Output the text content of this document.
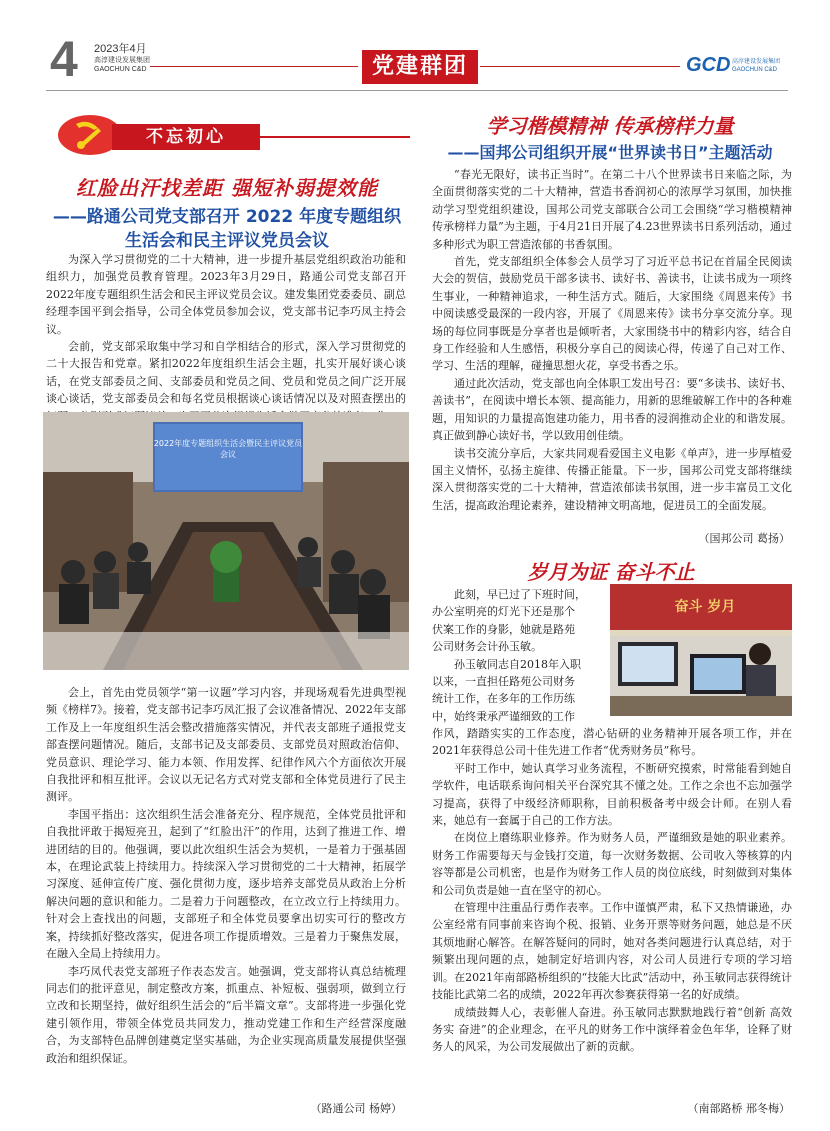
4 2023年4月
高淳建设发展集团
GAOCHUN C&D	党建群团	GCD 高淳建设发展集团
GAOCHUN C&D
不忘初心
红脸出汗找差距 强短补弱提效能
——路通公司党支部召开 2022 年度专题组织
生活会和民主评议党员会议

为深入学习贯彻党的二十大精神，进一步提升基层党组织政治功能和组织力，加强党员教育管理。2023年3月29日，路通公司党支部召开2022年度专题组织生活会和民主评议党员会议。建发集团党委委员、副总经理李国平到会指导，公司全体党员参加会议，党支部书记李巧凤主持会议。

会前，党支部采取集中学习和自学相结合的形式，深入学习贯彻党的二十大报告和党章。紧扣2022年度组织生活会主题，扎实开展好谈心谈话，在党支部委员之间、支部委员和党员之间、党员和党员之间广泛开展谈心谈话，党支部委员会和每名党员根据谈心谈话情况以及对照查摆出的

2022年度专题组织生活会暨民主评议党员会议

会上，首先由党员领学“第一议题”学习内容，并现场观看先进典型视频《榜样7》。接着，党支部书记李巧凤汇报了会议准备情况、2022年支部工作及上一年度组织生活会整改措施落实情况，并代表支部班子通报党支部查摆问题情况。随后，支部书记及支部委员、支部党员对照政治信仰、党员意识、理论学习、能力本领、作用发挥、纪律作风六个方面依次开展自我批评和相互批评。会议以无记名方式对党支部和全体党员进行了民主测评。

李国平指出：这次组织生活会准备充分、程序规范，全体党员批评和自我批评敢于揭短亮丑，起到了“红脸出汗”的作用，达到了推进工作、增进团结的目的。他强调，要以此次组织生活会为契机，一是着力于强基固本，在理论武装上持续用力。持续深入学习贯彻党的二十大精神，拓展学习深度、延伸宣传广度、强化贯彻力度，逐步培养支部党员从政治上分析解决问题的意识和能力。二是着力于问题整改，在立改立行上持续用力。针对会上查找出的问题，支部班子和全体党员要拿出切实可行的整改方案，持续抓好整改落实，促进各项工作提质增效。三是着力于聚焦发展，在融入全局上持续用力。

李巧凤代表党支部班子作表态发言。她强调，党支部将认真总结梳理同志们的批评意见，制定整改方案，抓重点、补短板、强弱项，做到立行立改和长期坚持，做好组织生活会的“后半篇文章”。支部将进一步强化党建引领作用，带领全体党员共同发力，推动党建工作和生产经营深度融合，为支部特色品牌创建奠定坚实基础，为企业实现高质量发展提供坚强政治和组织保证。

（路通公司 杨婷）
学习楷模精神 传承榜样力量
——国邦公司组织开展“世界读书日”主题活动

“春光无限好，读书正当时”。在第二十八个世界读书日来临之际，为全面贯彻落实党的二十大精神，营造书香润初心的浓厚学习氛围，加快推动学习型党组织建设，国邦公司党支部联合公司工会围绕“学习楷模精神 传承榜样力量”为主题，于4月21日开展了4.23世界读书日系列活动，通过多种形式为职工营造浓郁的书香氛围。

首先，党支部组织全体参会人员学习了习近平总书记在首届全民阅读大会的贺信，鼓励党员干部多读书、读好书、善读书，让读书成为一项终生事业，一种精神追求，一种生活方式。随后，大家围绕《周恩来传》书中阅读感受最深的一段内容，开展了《周恩来传》读书分享交流分享。现场的每位同事既是分享者也是倾听者，大家围绕书中的精彩内容，结合自身工作经验和人生感悟，积极分享自己的阅读心得，传递了自己对工作、学习、生活的理解，碰撞思想火花，享受书香之乐。

通过此次活动，党支部也向全体职工发出号召：要“多读书、读好书、善读书”，在阅读中增长本领、提高能力，用新的思维破解工作中的各种难题，用知识的力量提高饱建功能力，用书香的浸润推动企业的和谐发展。真正做到静心读好书，学以致用创佳绩。

读书交流分享后，大家共同观看爱国主义电影《单声》，进一步厚植爱国主义情怀，弘扬主旋律、传播正能量。下一步，国邦公司党支部将继续深入贯彻落实党的二十大精神，营造浓郁读书氛围，进一步丰富员工文化生活，提高政治理论素养，建设精神文明高地，促进员工的全面发展。

（国邦公司 葛扬）
岁月为证 奋斗不止
此刻，早已过了下班时间，
办公室明亮的灯光下还是那个
伏案工作的身影，她就是路苑
公司财务会计孙玉敏。
孙玉敏同志自2018年入职
以来，一直担任路苑公司财务
统计工作，在多年的工作历练
中，始终秉承严谨细致的工作
奋斗 岁月
作风，踏踏实实的工作态度，潜心钻研的业务精神开展各项工作，并在2021年获得总公司十佳先进工作者“优秀财务员”称号。

平时工作中，她认真学习业务流程，不断研究摸索，时常能看到她自学软件，电话联系询问相关平台深究其不懂之处。工作之余也不忘加强学习提高，获得了中级经济师职称，目前积极备考中级会计师。在别人看来，她总有一套属于自己的工作方法。

在岗位上磨练职业修养。作为财务人员，严谨细致是她的职业素养。财务工作需要每天与金钱打交道，每一次财务数据、公司收入等核算的内容等都是公司机密，也是作为财务工作人员的岗位底线，时刻做到对集体和公司负责是她一直在坚守的初心。

在管理中注重品行勇作表率。工作中谨慎严肃，私下又热情谦逊，办公室经常有同事前来咨询个税、报销、业务开票等财务问题，她总是不厌其烦地耐心解答。在解答疑问的同时，她对各类问题进行认真总结，对于频繁出现问题的点，她制定好培训内容，对公司人员进行专项的学习培训。在2021年南部路桥组织的“技能大比武”活动中，孙玉敏同志获得统计技能比武第二名的成绩，2022年再次参赛获得第一名的好成绩。

成绩鼓舞人心，表彰催人奋进。孙玉敏同志默默地践行着“创新 高效 务实 奋进”的企业理念，在平凡的财务工作中演绎着金色年华，诠释了财务人的风采，为公司发展做出了新的贡献。

（南部路桥 邢冬梅）
